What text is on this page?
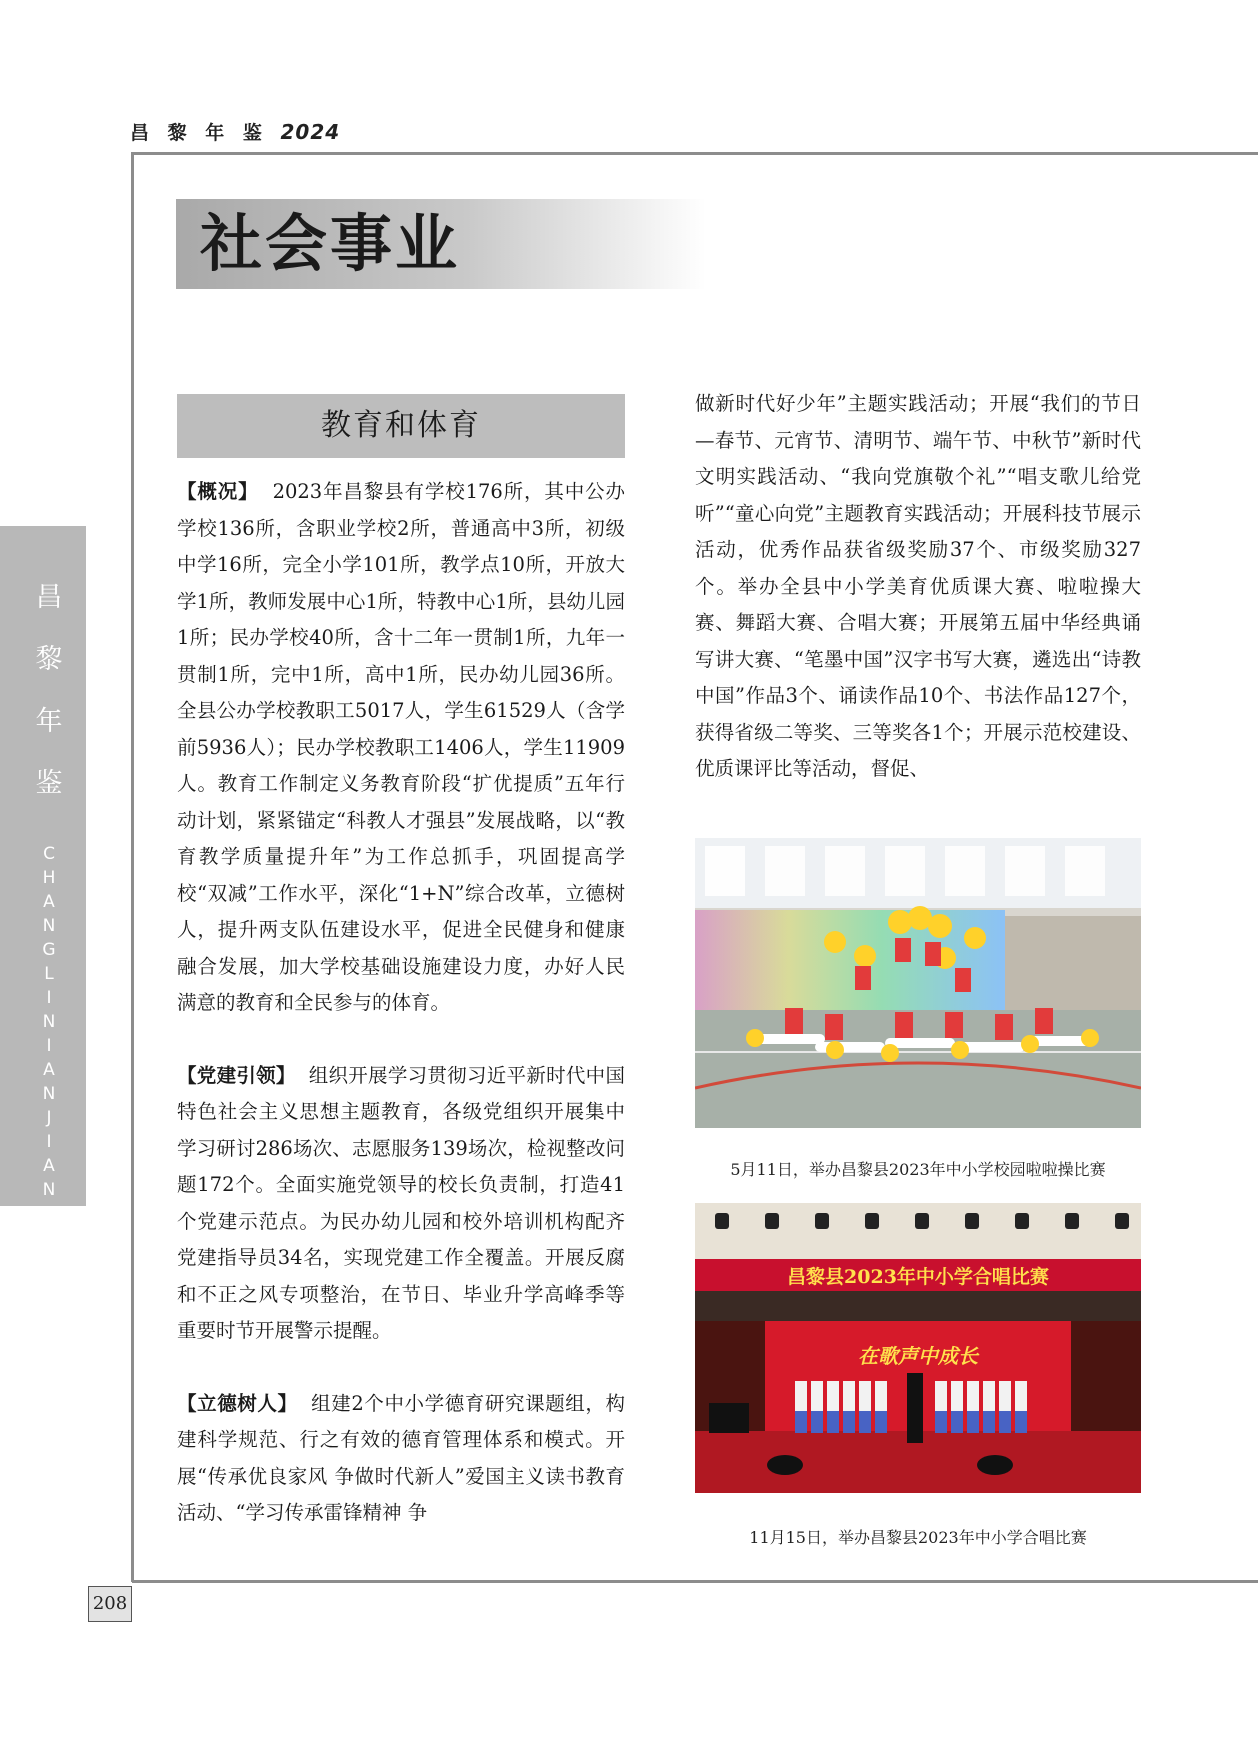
昌 黎 年 鉴 2024
昌
黎
年
鉴
C
H
A
N
G
L
I
N
I
A
N
J
I
A
N
社会事业
教育和体育

【概况】 2023年昌黎县有学校176所，其中公办学校136所，含职业学校2所，普通高中3所，初级中学16所，完全小学101所，教学点10所，开放大学1所，教师发展中心1所，特教中心1所，县幼儿园1所；民办学校40所，含十二年一贯制1所，九年一贯制1所，完中1所，高中1所，民办幼儿园36所。全县公办学校教职工5017人，学生61529人（含学前5936人）；民办学校教职工1406人，学生11909人。教育工作制定义务教育阶段“扩优提质”五年行动计划，紧紧锚定“科教人才强县”发展战略，以“教育教学质量提升年”为工作总抓手，巩固提高学校“双减”工作水平，深化“1+N”综合改革，立德树人，提升两支队伍建设水平，促进全民健身和健康融合发展，加大学校基础设施建设力度，办好人民满意的教育和全民参与的体育。

【党建引领】 组织开展学习贯彻习近平新时代中国特色社会主义思想主题教育，各级党组织开展集中学习研讨286场次、志愿服务139场次，检视整改问题172个。全面实施党领导的校长负责制，打造41个党建示范点。为民办幼儿园和校外培训机构配齐党建指导员34名，实现党建工作全覆盖。开展反腐和不正之风专项整治，在节日、毕业升学高峰季等重要时节开展警示提醒。

【立德树人】 组建2个中小学德育研究课题组，构建科学规范、行之有效的德育管理体系和模式。开展“传承优良家风 争做时代新人”爱国主义读书教育活动、“学习传承雷锋精神 争

做新时代好少年”主题实践活动；开展“我们的节日—春节、元宵节、清明节、端午节、中秋节”新时代文明实践活动、“我向党旗敬个礼”“唱支歌儿给党听”“童心向党”主题教育实践活动；开展科技节展示活动，优秀作品获省级奖励37个、市级奖励327个。举办全县中小学美育优质课大赛、啦啦操大赛、舞蹈大赛、合唱大赛；开展第五届中华经典诵写讲大赛、“笔墨中国”汉字书写大赛，遴选出“诗教中国”作品3个、诵读作品10个、书法作品127个，获得省级二等奖、三等奖各1个；开展示范校建设、优质课评比等活动，督促、

5月11日，举办昌黎县2023年中小学校园啦啦操比赛
昌黎县2023年中小学合唱比赛
在歌声中成长
11月15日，举办昌黎县2023年中小学合唱比赛
208
